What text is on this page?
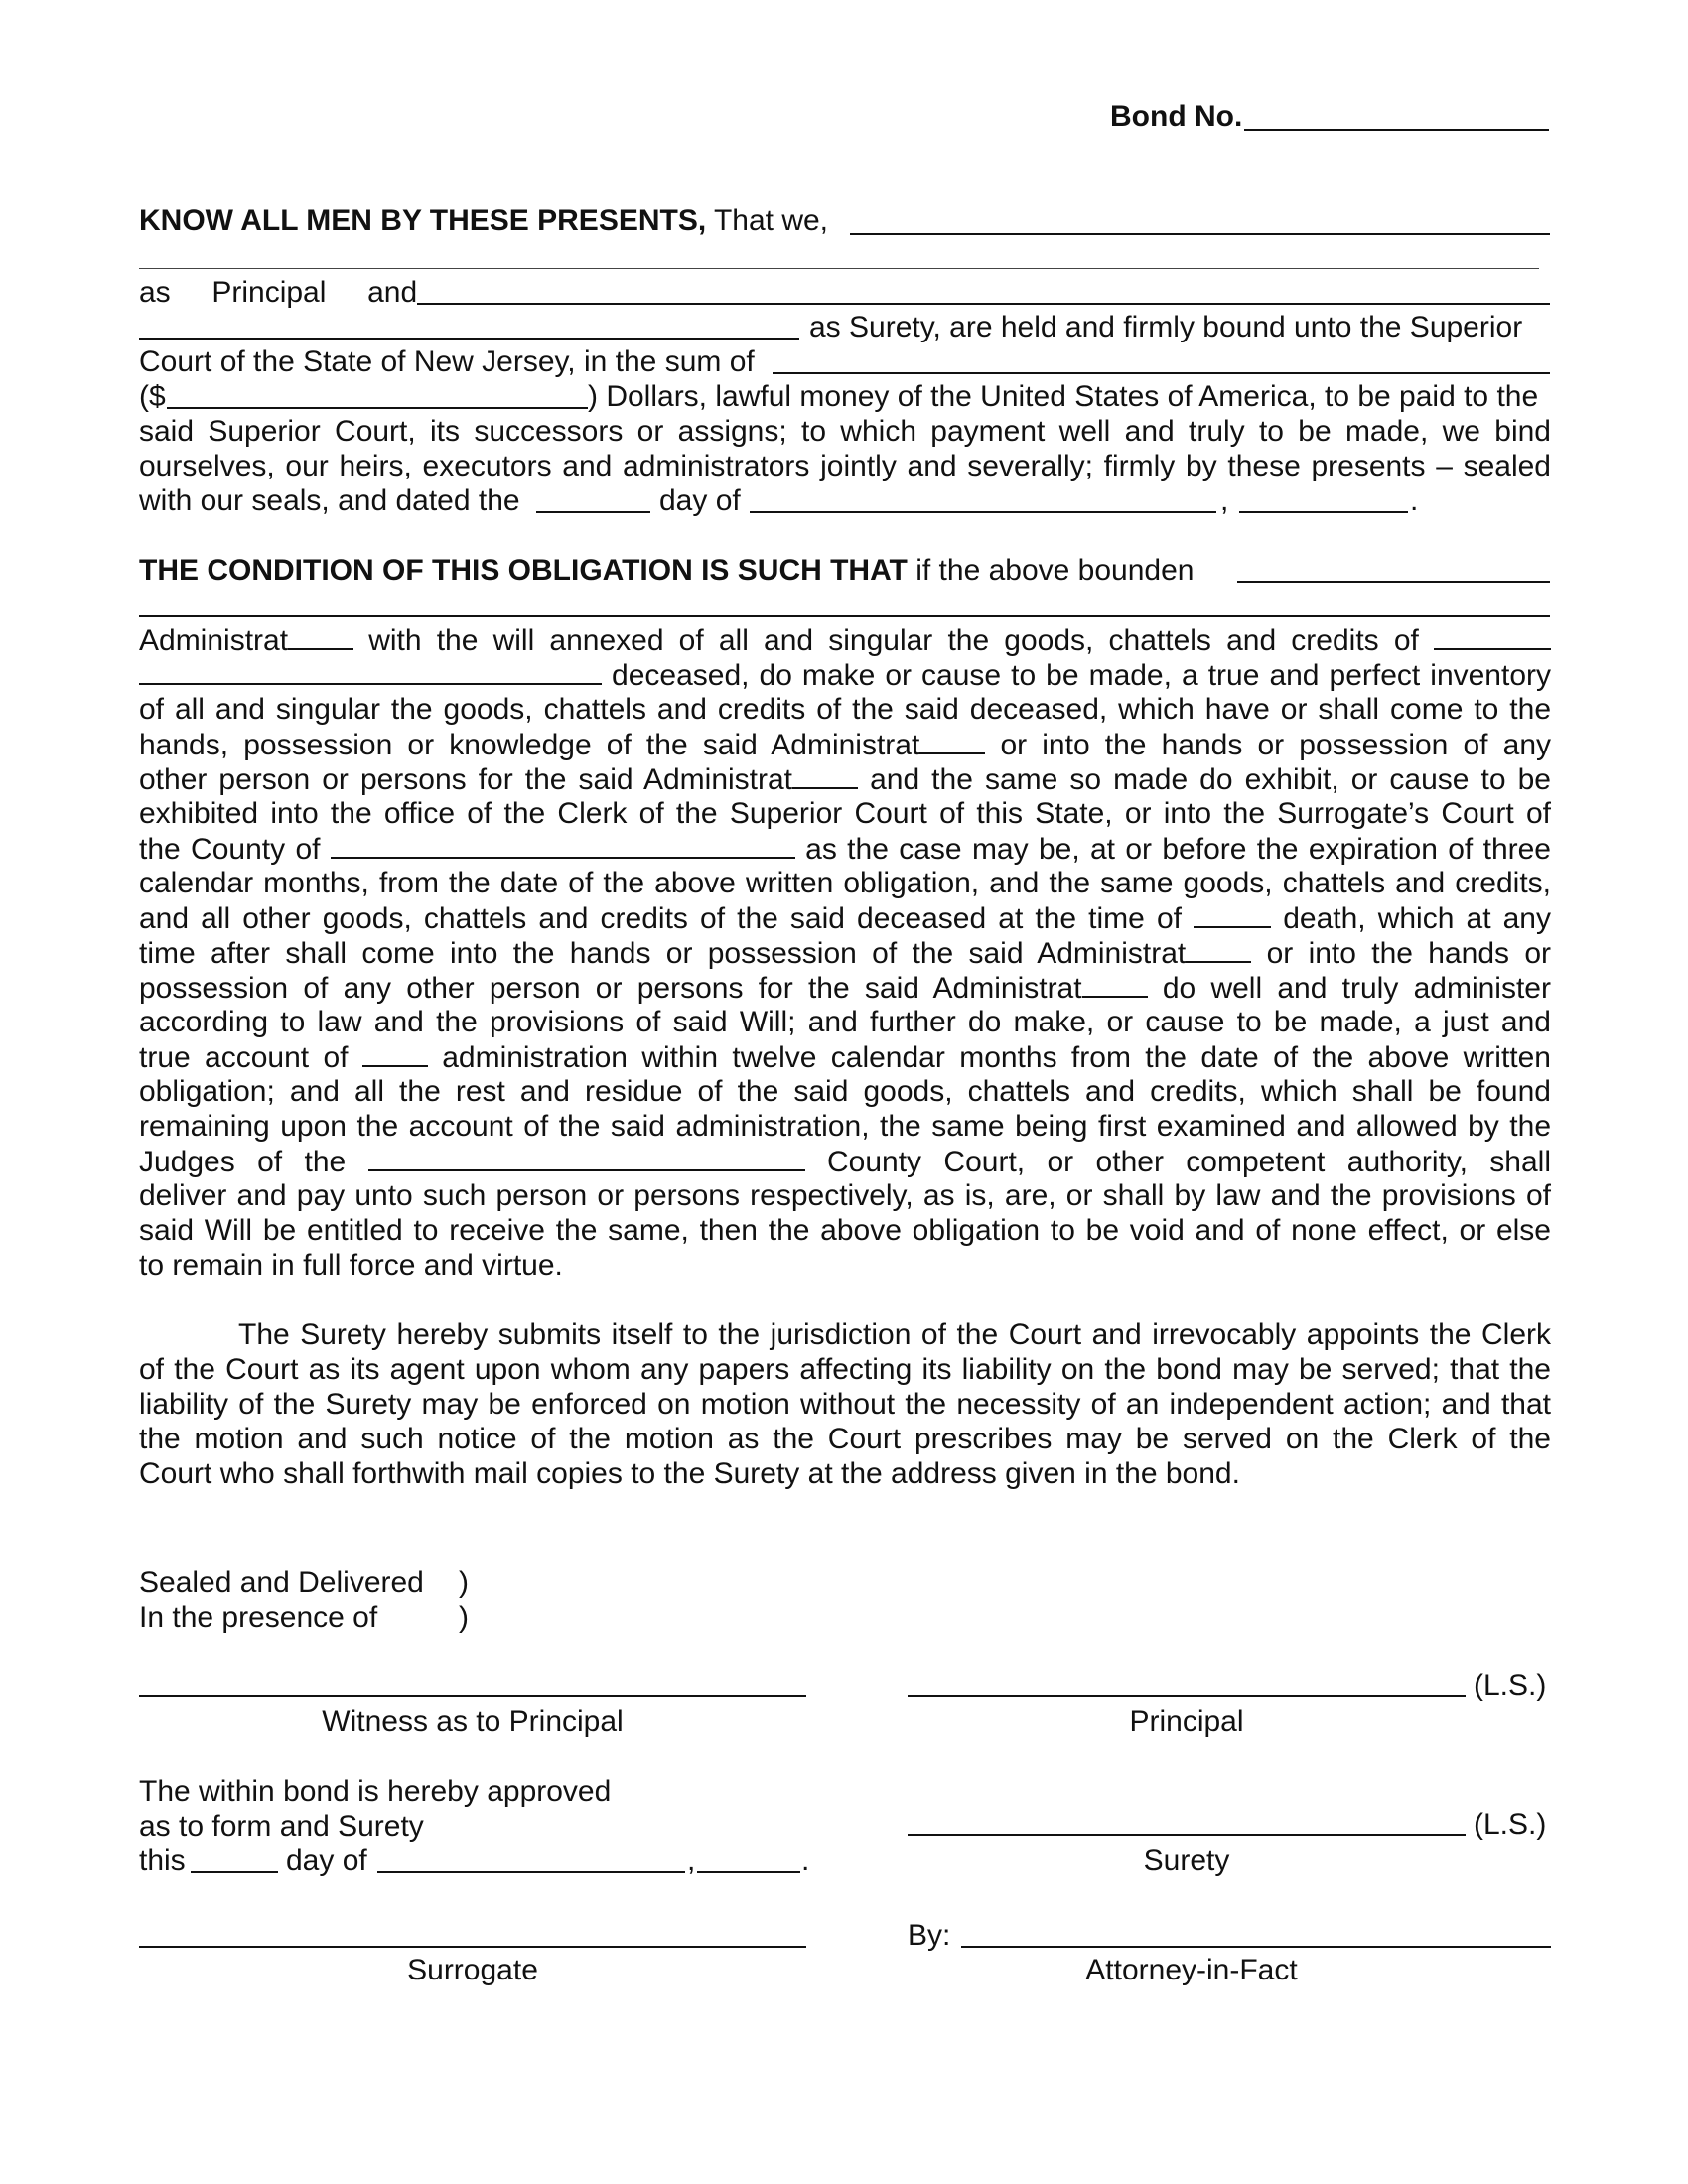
Bond No.
KNOW ALL MEN BY THESE PRESENTS, That we,
as     Principal     and
as Surety, are held and firmly bound unto the Superior
Court of the State of New Jersey, in the sum of
($	) Dollars, lawful money of the United States of America, to be paid to the
said Superior Court, its successors or assigns; to which payment well and truly to be made, we bind
ourselves, our heirs, executors and administrators jointly and severally; firmly by these presents – sealed
with our seals, and dated the	day of	,	.
THE CONDITION OF THIS OBLIGATION IS SUCH THAT if the above bounden
Administrat	with the will annexed of all and singular the goods, chattels and credits of
deceased, do make or cause to be made, a true and perfect inventory
of all and singular the goods, chattels and credits of the said deceased, which have or shall come to the
hands, possession or knowledge of the said Administrat	or into the hands or possession of any
other person or persons for the said Administrat	and the same so made do exhibit, or cause to be
exhibited into the office of the Clerk of the Superior Court of this State, or into the Surrogate’s Court of
the County of	as the case may be, at or before the expiration of three
calendar months, from the date of the above written obligation, and the same goods, chattels and credits,
and all other goods, chattels and credits of the said deceased at the time of	death, which at any
time after shall come into the hands or possession of the said Administrat	or into the hands or
possession of any other person or persons for the said Administrat	do well and truly administer
according to law and the provisions of said Will; and further do make, or cause to be made, a just and
true account of	administration within twelve calendar months from the date of the above written
obligation; and all the rest and residue of the said goods, chattels and credits, which shall be found
remaining upon the account of the said administration, the same being first examined and allowed by the
Judges of the	County Court, or other competent authority, shall
deliver and pay unto such person or persons respectively, as is, are, or shall by law and the provisions of
said Will be entitled to receive the same, then the above obligation to be void and of none effect, or else
to remain in full force and virtue.
The Surety hereby submits itself to the jurisdiction of the Court and irrevocably appoints the Clerk
of the Court as its agent upon whom any papers affecting its liability on the bond may be served; that the
liability of the Surety may be enforced on motion without the necessity of an independent action; and that
the motion and such notice of the motion as the Court prescribes may be served on the Clerk of the
Court who shall forthwith mail copies to the Surety at the address given in the bond.
Sealed and Delivered )
In the presence of	)
Witness as to Principal
(L.S.)
Principal
The within bond is hereby approved
as to form and Surety
this	day of	,	.
(L.S.)
Surety
Surrogate
By:
Attorney-in-Fact
